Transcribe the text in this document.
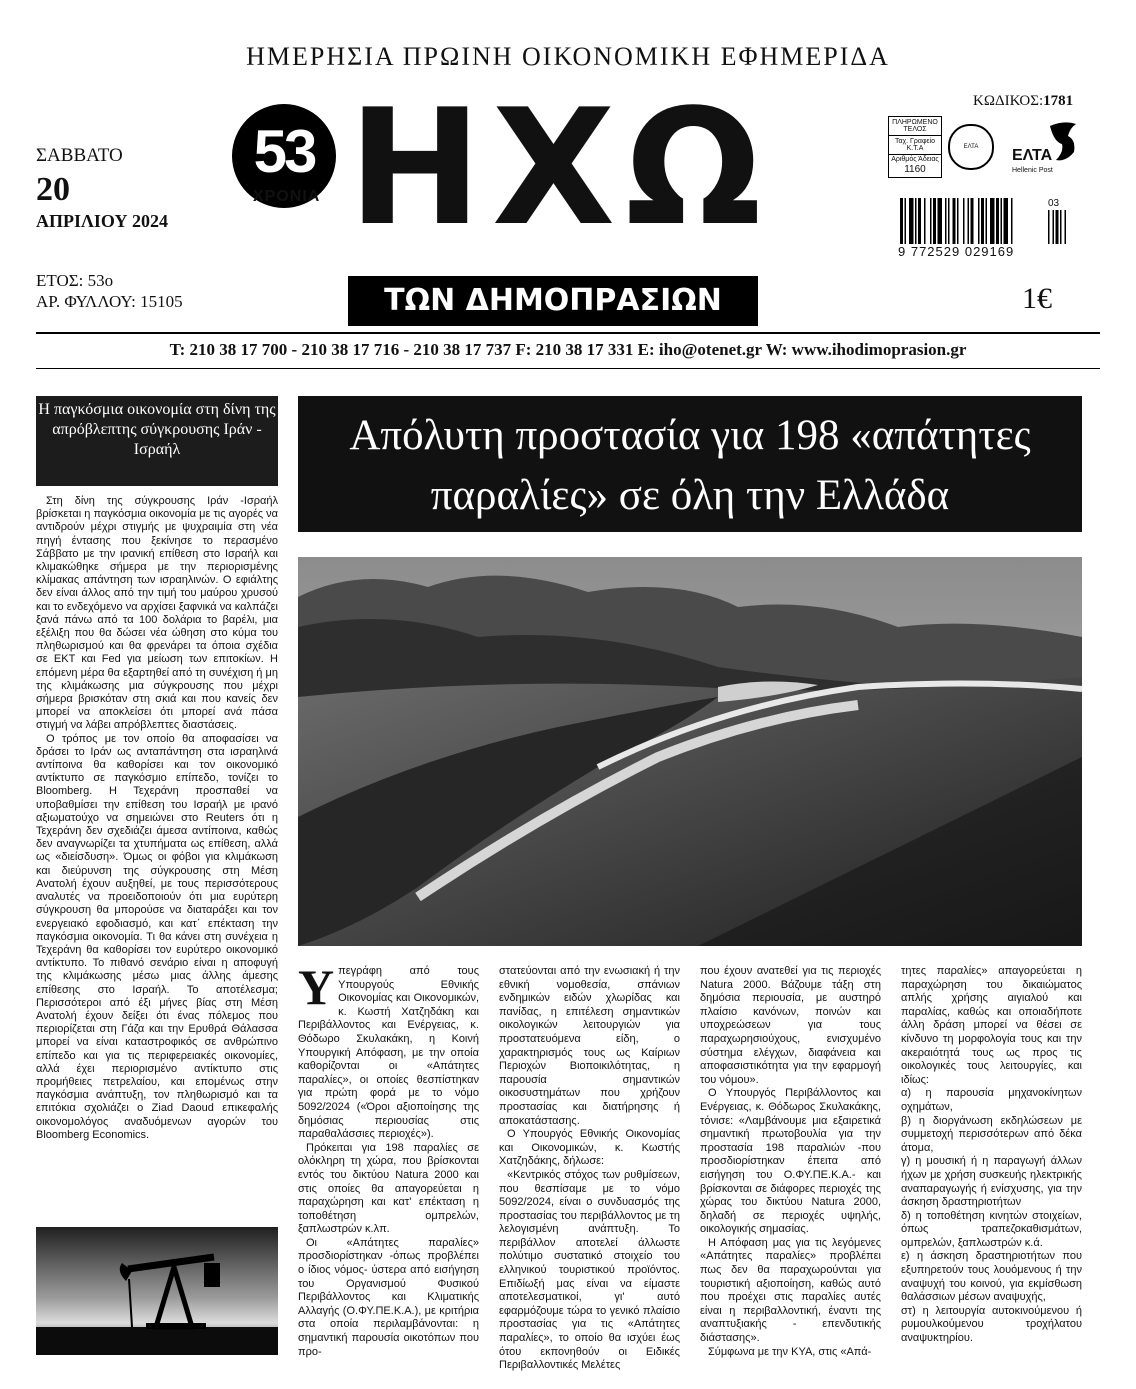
ΗΜΕΡΗΣΙΑ ΠΡΩΙΝΗ ΟΙΚΟΝΟΜΙΚΗ ΕΦΗΜΕΡΙΔΑ
ΣΑΒΒΑΤΟ
20
ΑΠΡΙΛΙΟΥ 2024
ΕΤΟΣ: 53ο
ΑΡ. ΦΥΛΛΟΥ: 15105
53
ΧΡΟΝΙΑ ΗΧΩ
ΤΩΝ ΔΗΜΟΠΡΑΣΙΩΝ
ΚΩΔΙΚΟΣ:1781
ΠΛΗΡΩΜΕΝΟ ΤΕΛΟΣ
Ταχ. Γραφείο Κ.Τ.Α
Αριθμός Άδειας
1160
ΕΛΤΑ	ΕΛΤΑ
Hellenic Post
9 772529 029169
03
1€
T: 210 38 17 700 - 210 38 17 716 - 210 38 17 737 F: 210 38 17 331 E: iho@otenet.gr W: www.ihodimoprasion.gr
Η παγκόσμια οικονομία στη δίνη της απρόβλεπτης σύγκρουσης Ιράν - Ισραήλ

Στη δίνη της σύγκρουσης Ιράν -Ισραήλ βρίσκεται η παγκόσμια οικονομία με τις αγορές να αντιδρούν μέχρι στιγμής με ψυχραιμία στη νέα πηγή έντασης που ξεκίνησε το περασμένο Σάββατο με την ιρανική επίθεση στο Ισραήλ και κλιμακώθηκε σήμερα με την περιορισμένης κλίμακας απάντηση των ισραηλινών. Ο εφιάλτης δεν είναι άλλος από την τιμή του μαύρου χρυσού και το ενδεχόμενο να αρχίσει ξαφνικά να καλπάζει ξανά πάνω από τα 100 δολάρια το βαρέλι, μια εξέλιξη που θα δώσει νέα ώθηση στο κύμα του πληθωρισμού και θα φρενάρει τα όποια σχέδια σε ΕΚΤ και Fed για μείωση των επιτοκίων. Η επόμενη μέρα θα εξαρτηθεί από τη συνέχιση ή μη της κλιμάκωσης μια σύγκρουσης που μέχρι σήμερα βρισκόταν στη σκιά και που κανείς δεν μπορεί να αποκλείσει ότι μπορεί ανά πάσα στιγμή να λάβει απρόβλεπτες διαστάσεις.

Ο τρόπος με τον οποίο θα αποφασίσει να δράσει το Ιράν ως ανταπάντηση στα ισραηλινά αντίποινα θα καθορίσει και τον οικονομικό αντίκτυπο σε παγκόσμιο επίπεδο, τονίζει το Bloomberg. Η Τεχεράνη προσπαθεί να υποβαθμίσει την επίθεση του Ισραήλ με ιρανό αξιωματούχο να σημειώνει στο Reuters ότι η Τεχεράνη δεν σχεδιάζει άμεσα αντίποινα, καθώς δεν αναγνωρίζει τα χτυπήματα ως επίθεση, αλλά ως «διείσδυση». Όμως οι φόβοι για κλιμάκωση και διεύρυνση της σύγκρουσης στη Μέση Ανατολή έχουν αυξηθεί, με τους περισσότερους αναλυτές να προειδοποιούν ότι μια ευρύτερη σύγκρουση θα μπορούσε να διαταράξει και τον ενεργειακό εφοδιασμό, και κατ΄ επέκταση την παγκόσμια οικονομία. Τι θα κάνει στη συνέχεια η Τεχεράνη θα καθορίσει τον ευρύτερο οικονομικό αντίκτυπο. Το πιθανό σενάριο είναι η αποφυγή της κλιμάκωσης μέσω μιας άλλης άμεσης επίθεσης στο Ισραήλ. Το αποτέλεσμα; Περισσότεροι από έξι μήνες βίας στη Μέση Ανατολή έχουν δείξει ότι ένας πόλεμος που περιορίζεται στη Γάζα και την Ερυθρά Θάλασσα μπορεί να είναι καταστροφικός σε ανθρώπινο επίπεδο και για τις περιφερειακές οικονομίες, αλλά έχει περιορισμένο αντίκτυπο στις προμήθειες πετρελαίου, και επομένως στην παγκόσμια ανάπτυξη, τον πληθωρισμό και τα επιτόκια σχολιάζει ο Ziad Daoud επικεφαλής οικονομολόγος αναδυόμενων αγορών του Bloomberg Economics.

Απόλυτη προστασία για 198 «απάτητες
παραλίες» σε όλη την Ελλάδα
Υ πεγράφη από τους Υπουργούς Εθνικής Οικονομίας και Οικονομικών, κ. Κωστή Χατζηδάκη και Περιβάλλοντος και Ενέργειας, κ. Θόδωρο Σκυλακάκη, η Κοινή Υπουργική Απόφαση, με την οποία καθορίζονται οι «Απάτητες παραλίες», οι οποίες θεσπίστηκαν για πρώτη φορά με το νόμο 5092/2024 («Όροι αξιοποίησης της δημόσιας περιουσίας στις παραθαλάσσιες περιοχές»).

Πρόκειται για 198 παραλίες σε ολόκληρη τη χώρα, που βρίσκονται εντός του δικτύου Natura 2000 και στις οποίες θα απαγορεύεται η παραχώρηση και κατ' επέκταση η τοποθέτηση ομπρελών, ξαπλωστρών κ.λπ.

Οι «Απάτητες παραλίες» προσδιορίστηκαν -όπως προβλέπει ο ίδιος νόμος- ύστερα από εισήγηση του Οργανισμού Φυσικού Περιβάλλοντος και Κλιματικής Αλλαγής (Ο.ΦΥ.ΠΕ.Κ.Α.), με κριτήρια στα οποία περιλαμβάνονται: η σημαντική παρουσία οικοτόπων που προ-

στατεύονται από την ενωσιακή ή την εθνική νομοθεσία, σπάνιων ενδημικών ειδών χλωρίδας και πανίδας, η επιτέλεση σημαντικών οικολογικών λειτουργιών για προστατευόμενα είδη, ο χαρακτηρισμός τους ως Καίριων Περιοχών Βιοποικιλότητας, η παρουσία σημαντικών οικοσυστημάτων που χρήζουν προστασίας και διατήρησης ή αποκατάστασης.

Ο Υπουργός Εθνικής Οικονομίας και Οικονομικών, κ. Κωστής Χατζηδάκης, δήλωσε:

«Κεντρικός στόχος των ρυθμίσεων, που θεσπίσαμε με το νόμο 5092/2024, είναι ο συνδυασμός της προστασίας του περιβάλλοντος με τη λελογισμένη ανάπτυξη. Το περιβάλλον αποτελεί άλλωστε πολύτιμο συστατικό στοιχείο του ελληνικού τουριστικού προϊόντος. Επιδίωξή μας είναι να είμαστε αποτελεσματικοί, γι' αυτό εφαρμόζουμε τώρα το γενικό πλαίσιο προστασίας για τις «Απάτητες παραλίες», το οποίο θα ισχύει έως ότου εκπονηθούν οι Ειδικές Περιβαλλοντικές Μελέτες

που έχουν ανατεθεί για τις περιοχές Natura 2000. Βάζουμε τάξη στη δημόσια περιουσία, με αυστηρό πλαίσιο κανόνων, ποινών και υποχρεώσεων για τους παραχωρησιούχους, ενισχυμένο σύστημα ελέγχων, διαφάνεια και αποφασιστικότητα για την εφαρμογή του νόμου».

Ο Υπουργός Περιβάλλοντος και Ενέργειας, κ. Θόδωρος Σκυλακάκης, τόνισε: «Λαμβάνουμε μια εξαιρετικά σημαντική πρωτοβουλία για την προστασία 198 παραλιών -που προσδιορίστηκαν έπειτα από εισήγηση του Ο.ΦΥ.ΠΕ.Κ.Α.- και βρίσκονται σε διάφορες περιοχές της χώρας του δικτύου Natura 2000, δηλαδή σε περιοχές υψηλής, οικολογικής σημασίας.

Η Απόφαση μας για τις λεγόμενες «Απάτητες παραλίες» προβλέπει πως δεν θα παραχωρούνται για τουριστική αξιοποίηση, καθώς αυτό που προέχει στις παραλίες αυτές είναι η περιβαλλοντική, έναντι της αναπτυξιακής - επενδυτικής διάστασης».

Σύμφωνα με την ΚΥΑ, στις «Απά-

τητες παραλίες» απαγορεύεται η παραχώρηση του δικαιώματος απλής χρήσης αιγιαλού και παραλίας, καθώς και οποιαδήποτε άλλη δράση μπορεί να θέσει σε κίνδυνο τη μορφολογία τους και την ακεραιότητά τους ως προς τις οικολογικές τους λειτουργίες, και ιδίως:

α) η παρουσία μηχανοκίνητων οχημάτων,
β) η διοργάνωση εκδηλώσεων με συμμετοχή περισσότερων από δέκα άτομα,
γ) η μουσική ή η παραγωγή άλλων ήχων με χρήση συσκευής ηλεκτρικής αναπαραγωγής ή ενίσχυσης, για την άσκηση δραστηριοτήτων
δ) η τοποθέτηση κινητών στοιχείων, όπως τραπεζοκαθισμάτων, ομπρελών, ξαπλωστρών κ.ά.
ε) η άσκηση δραστηριοτήτων που εξυπηρετούν τους λουόμενους ή την αναψυχή του κοινού, για εκμίσθωση θαλάσσιων μέσων αναψυχής,
στ) η λειτουργία αυτοκινούμενου ή ρυμουλκούμενου τροχήλατου αναψυκτηρίου.
